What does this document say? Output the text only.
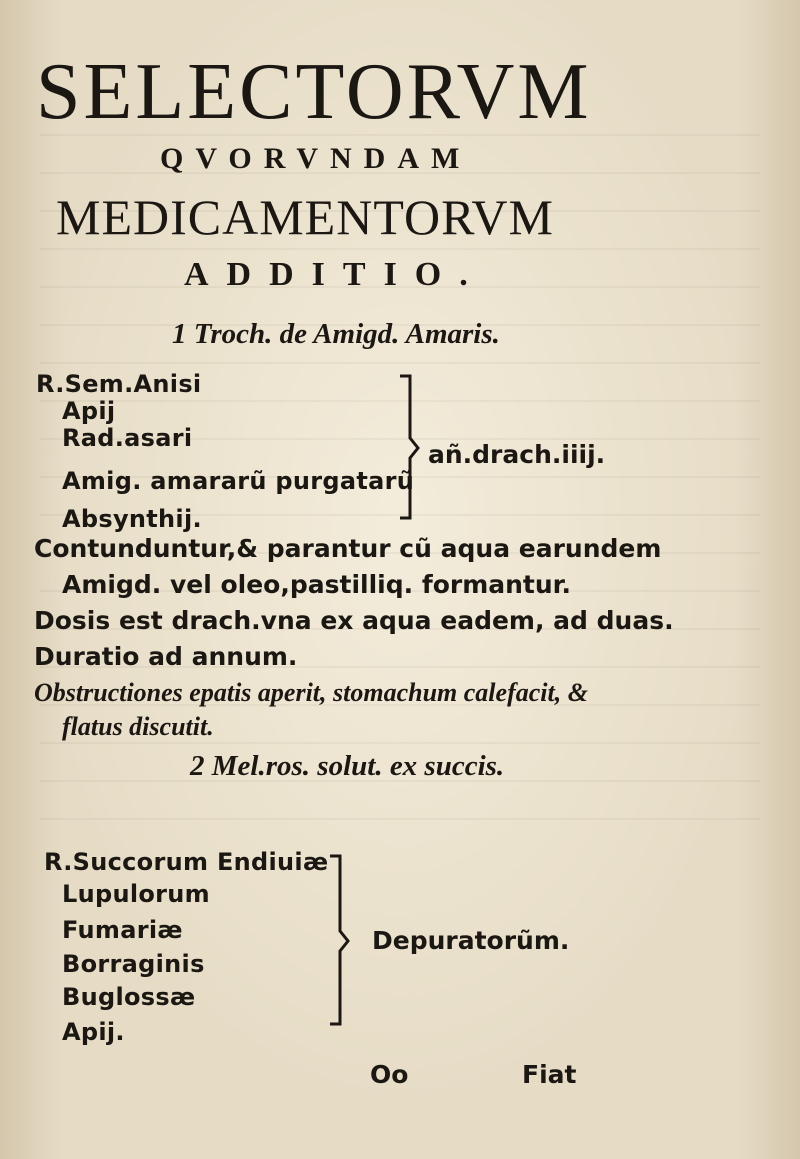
SELECTORVM
QVORVNDAM
MEDICAMENTORVM
ADDITIO.
1 Troch. de Amigd. Amaris.
R.Sem.Anisi
Apij
Rad.asari
Amig. amararũ purgatarũ
Absynthij.
añ.drach.iiij.
Contunduntur,& parantur cũ aqua earundem
Amigd. vel oleo,pastilliq. formantur.
Dosis est drach.vna ex aqua eadem, ad duas.
Duratio ad annum.
Obstructiones epatis aperit, stomachum calefacit, &
flatus discutit.
2 Mel.ros. solut. ex succis.
R.Succorum Endiuiæ
Lupulorum
Fumariæ
Borraginis
Buglossæ
Apij.
Depuratorũm.
Oo	Fiat
